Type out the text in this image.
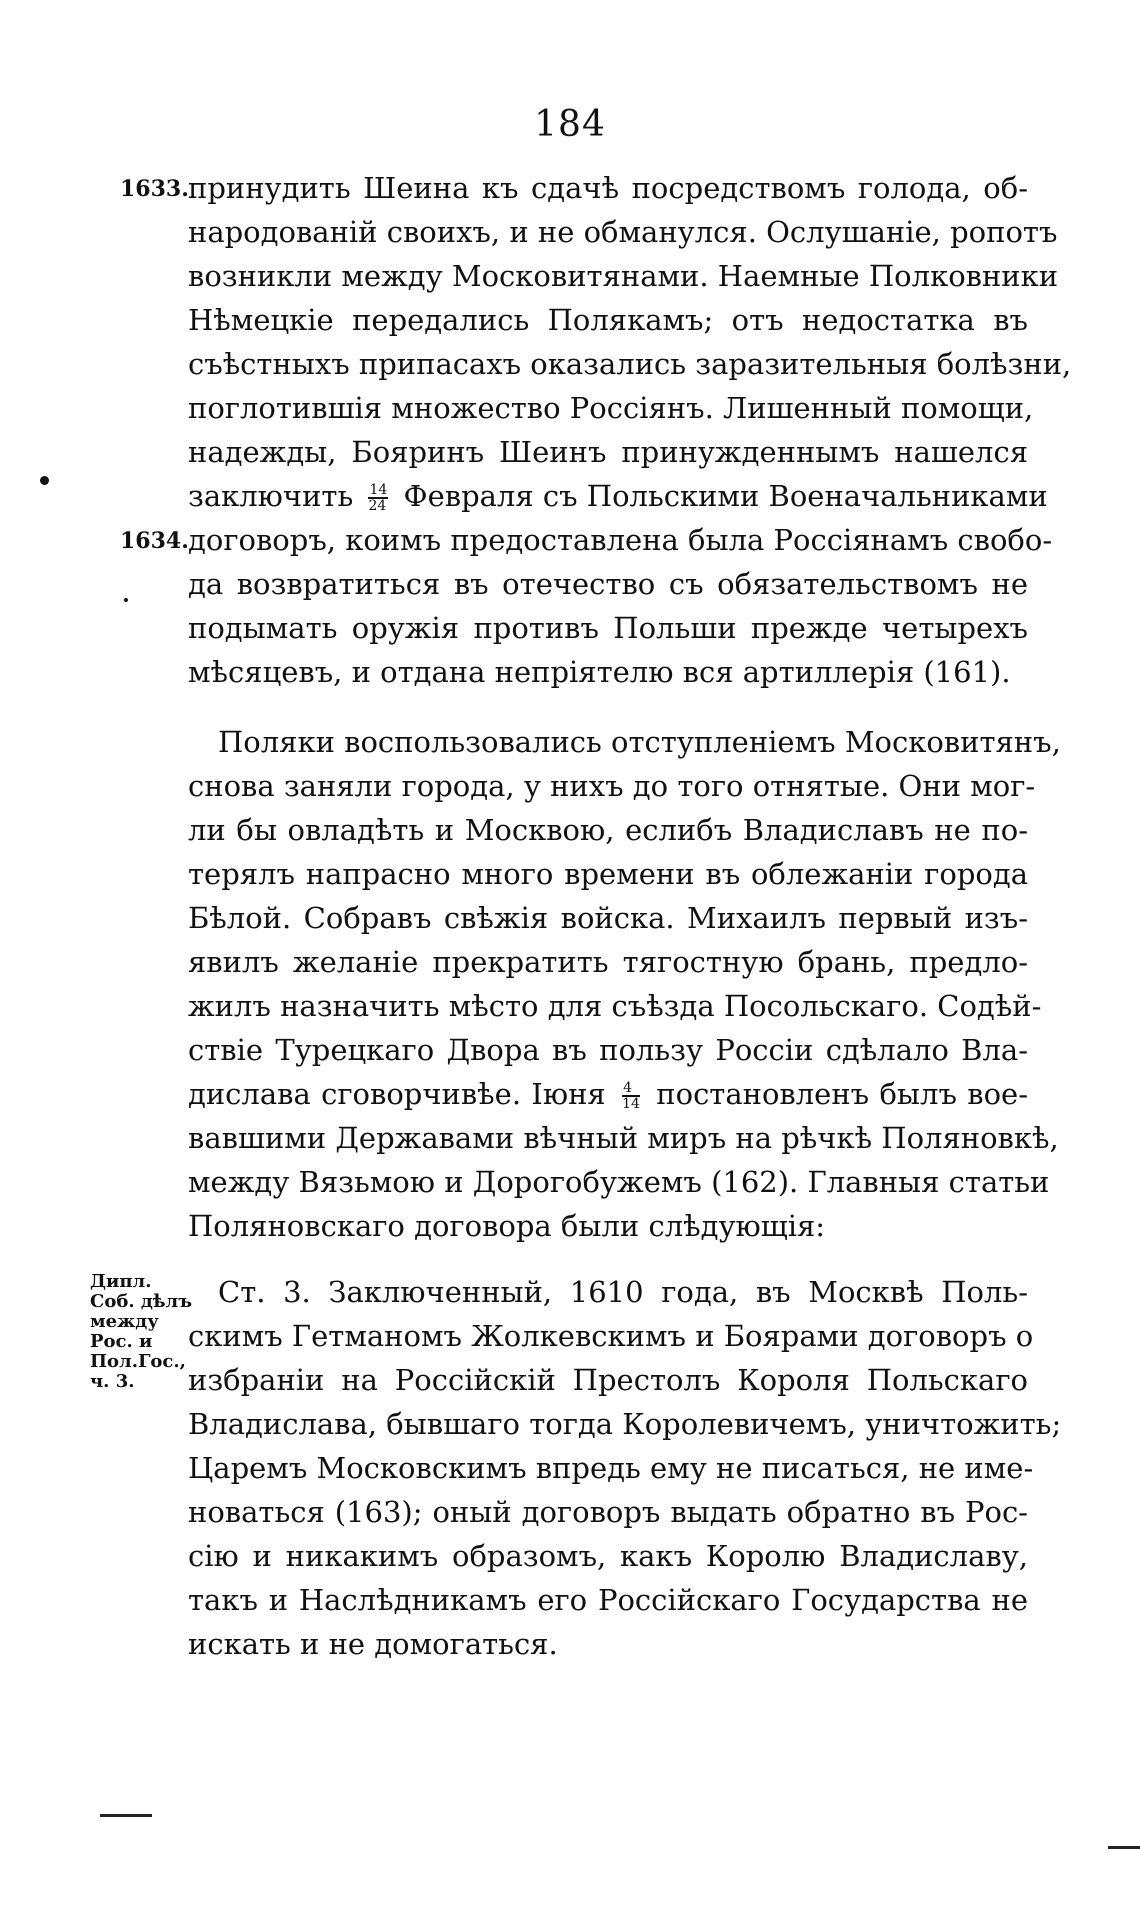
184
1633.
1634.
принудить Шеина къ сдачѣ посредствомъ голода, об-
народованій своихъ, и не обманулся. Ослушаніе, ропотъ
возникли между Московитянами. Наемные Полковники
Нѣмецкіе передались Полякамъ; отъ недостатка въ
съѣстныхъ припасахъ оказались заразительныя болѣзни,
поглотившія множество Россіянъ. Лишенный помощи,
надежды, Бояринъ Шеинъ принужденнымъ нашелся
заключить $\frac{14}{24}$ Февраля съ Польскими Военачальниками
договоръ, коимъ предоставлена была Россіянамъ свобо-
да возвратиться въ отечество съ обязательствомъ не
подымать оружія противъ Польши прежде четырехъ
мѣсяцевъ, и отдана непріятелю вся артиллерія (161).
Поляки воспользовались отступленіемъ Московитянъ,
снова заняли города, у нихъ до того отнятые. Они мог-
ли бы овладѣть и Москвою, еслибъ Владиславъ не по-
терялъ напрасно много времени въ облежаніи города
Бѣлой. Собравъ свѣжія войска. Михаилъ первый изъ-
явилъ желаніе прекратить тягостную брань, предло-
жилъ назначить мѣсто для съѣзда Посольскаго. Содѣй-
ствіе Турецкаго Двора въ пользу Россіи сдѣлало Вла-
дислава сговорчивѣе. Іюня $\frac{4}{14}$ постановленъ былъ вое-
вавшими Державами вѣчный миръ на рѣчкѣ Поляновкѣ,
между Вязьмою и Дорогобужемъ (162). Главныя статьи
Поляновскаго договора были слѣдующія:
Дипл.
Соб. дѣлъ
между
Рос. и
Пол.Гос.,
ч. 3.
Ст. 3. Заключенный, 1610 года, въ Москвѣ Поль-
скимъ Гетманомъ Жолкевскимъ и Боярами договоръ о
избраніи на Россійскій Престолъ Короля Польскаго
Владислава, бывшаго тогда Королевичемъ, уничтожить;
Царемъ Московскимъ впредь ему не писаться, не име-
новаться (163); оный договоръ выдать обратно въ Рос-
сію и никакимъ образомъ, какъ Королю Владиславу,
такъ и Наслѣдникамъ его Россійскаго Государства не
искать и не домогаться.
